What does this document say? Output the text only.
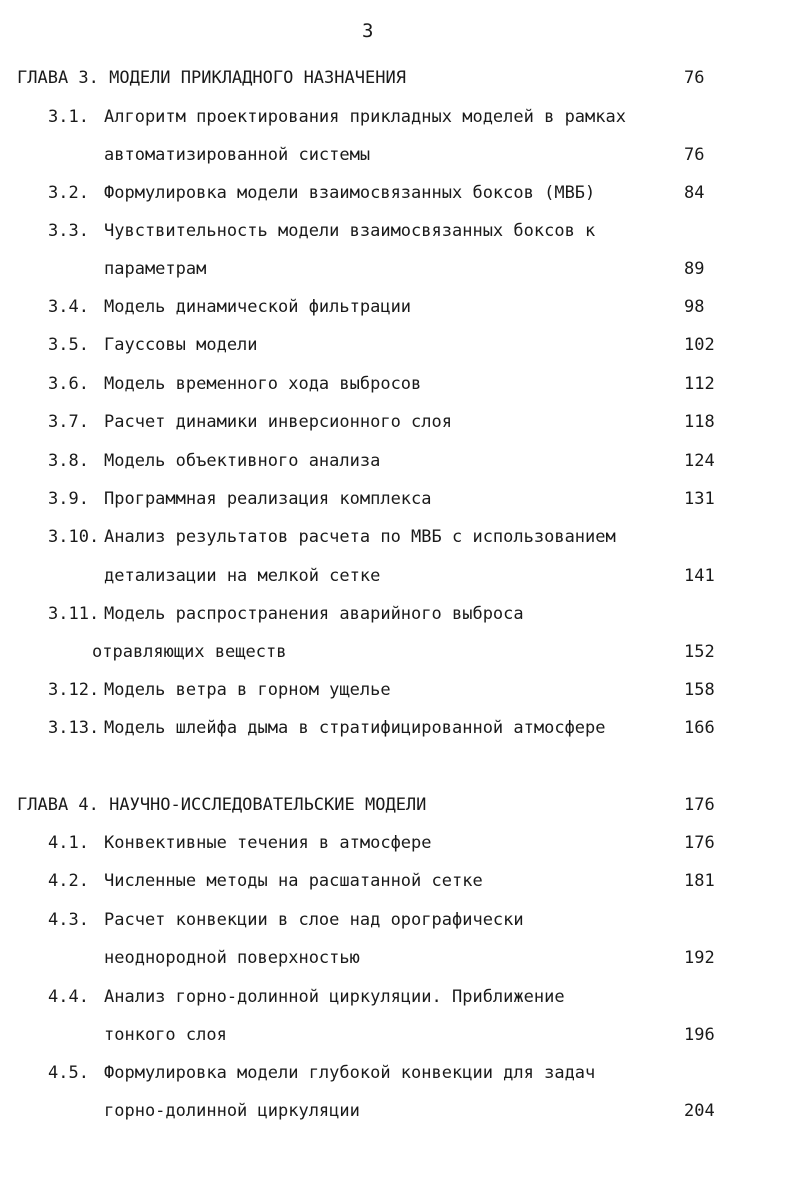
3
ГЛАВА 3. МОДЕЛИ ПРИКЛАДНОГО НАЗНАЧЕНИЯ	76
3.1. Алгоритм проектирования прикладных моделей в рамках
автоматизированной системы	76
3.2. Формулировка модели взаимосвязанных боксов (МВБ)	84
3.3. Чувствительность модели взаимосвязанных боксов к
параметрам	89
3.4. Модель динамической фильтрации	98
3.5. Гауссовы модели	102
3.6. Модель временного хода выбросов	112
3.7. Расчет динамики инверсионного слоя	118
3.8. Модель объективного анализа	124
3.9. Программная реализация комплекса	131
3.10. Анализ результатов расчета по МВБ с использованием
детализации на мелкой сетке	141
3.11. Модель распространения аварийного выброса
отравляющих веществ	152
3.12. Модель ветра в горном ущелье	158
3.13. Модель шлейфа дыма в стратифицированной атмосфере	166
ГЛАВА 4. НАУЧНО-ИССЛЕДОВАТЕЛЬСКИЕ МОДЕЛИ	176
4.1. Конвективные течения в атмосфере	176
4.2. Численные методы на расшатанной сетке	181
4.3. Расчет конвекции в слое над орографически
неоднородной поверхностью	192
4.4. Анализ горно-долинной циркуляции. Приближение
тонкого слоя	196
4.5. Формулировка модели глубокой конвекции для задач
горно-долинной циркуляции	204
